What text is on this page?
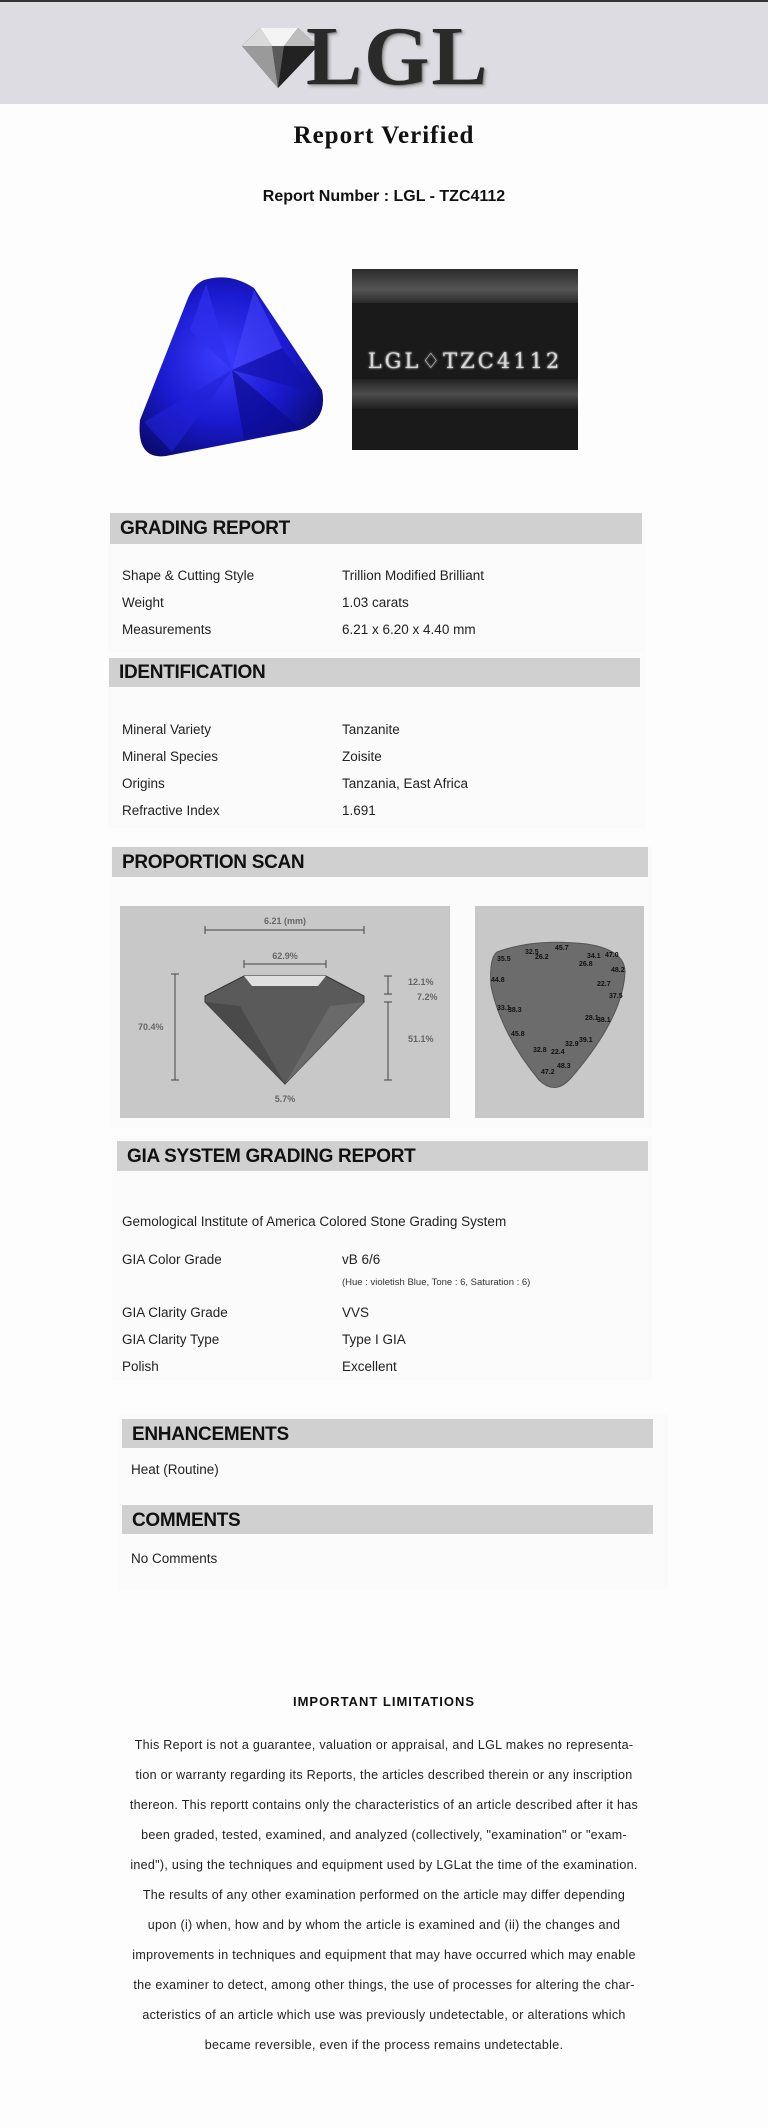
LGL
Report Verified
Report Number : LGL - TZC4112
LGL♢TZC4112
GRADING REPORT
Shape & Cutting Style	Trillion Modified Brilliant
Weight	1.03 carats
Measurements	6.21 x 6.20 x 4.40 mm
IDENTIFICATION
Mineral Variety	Tanzanite
Mineral Species	Zoisite
Origins	Tanzania, East Africa
Refractive Index	1.691
PROPORTION SCAN
6.21 (mm)
62.9%
70.4%
12.1%
7.2%
51.1%
5.7%
45.7
32.5
26.2	34.1 47.0
35.5
26.8
48.2
44.8
22.7
37.5
33.1
38.3
28.1
38.1
45.8
39.1
32.8 22.4
32.9
48.3
47.2
GIA SYSTEM GRADING REPORT
Gemological Institute of America Colored Stone Grading System
GIA Color Grade	vB 6/6
(Hue : violetish Blue, Tone : 6, Saturation : 6)
GIA Clarity Grade	VVS
GIA Clarity Type	Type I GIA
Polish	Excellent
ENHANCEMENTS
Heat (Routine)
COMMENTS
No Comments
IMPORTANT LIMITATIONS
This Report is not a guarantee, valuation or appraisal, and LGL makes no representa-
tion or warranty regarding its Reports, the articles described therein or any inscription
thereon. This reportt contains only the characteristics of an article described after it has
been graded, tested, examined, and analyzed (collectively, "examination" or "exam-
ined"), using the techniques and equipment used by LGLat the time of the examination.
The results of any other examination performed on the article may differ depending
upon (i) when, how and by whom the article is examined and (ii) the changes and
improvements in techniques and equipment that may have occurred which may enable
the examiner to detect, among other things, the use of processes for altering the char-
acteristics of an article which use was previously undetectable, or alterations which
became reversible, even if the process remains undetectable.
